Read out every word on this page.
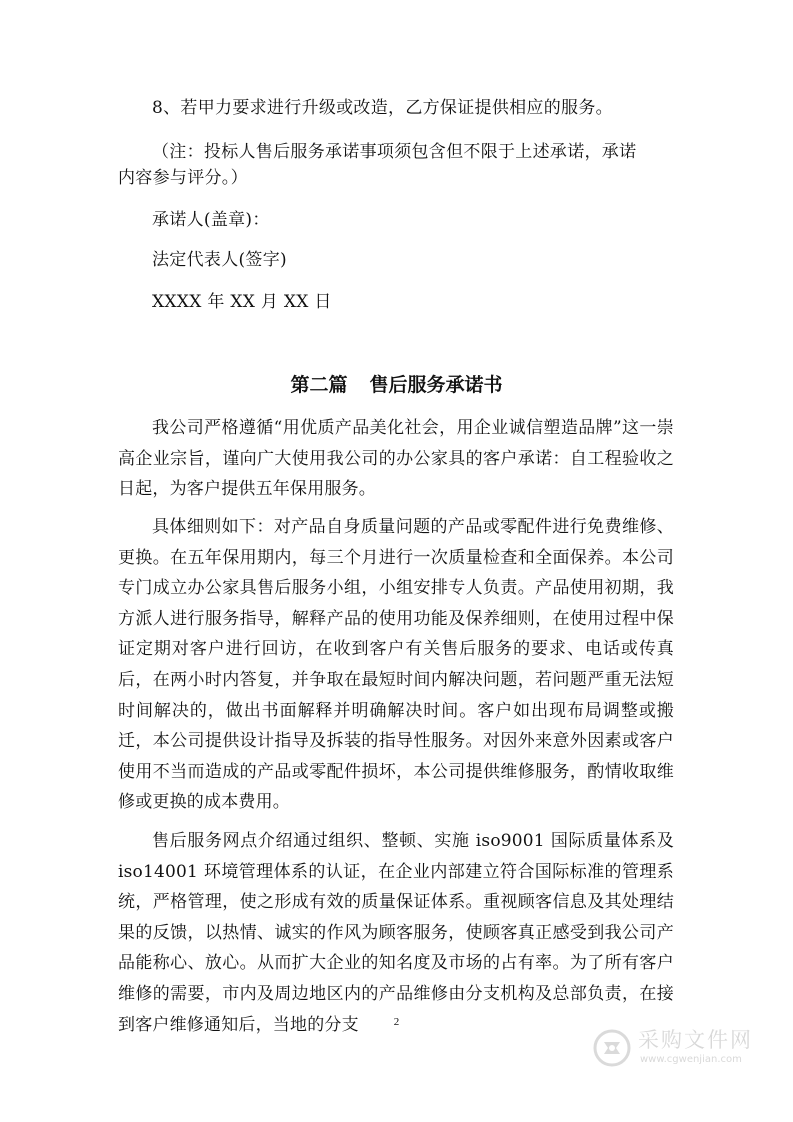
8、若甲力要求进行升级或改造，乙方保证提供相应的服务。
（注：投标人售后服务承诺事项须包含但不限于上述承诺，承诺
内容参与评分。）
承诺人(盖章)：
法定代表人(签字)
XXXX 年 XX 月 XX 日
第二篇 售后服务承诺书
我公司严格遵循“用优质产品美化社会，用企业诚信塑造品牌”这一崇高企业宗旨，谨向广大使用我公司的办公家具的客户承诺：自工程验收之日起，为客户提供五年保用服务。
具体细则如下：对产品自身质量问题的产品或零配件进行免费维修、更换。在五年保用期内，每三个月进行一次质量检查和全面保养。本公司专门成立办公家具售后服务小组，小组安排专人负责。产品使用初期，我方派人进行服务指导，解释产品的使用功能及保养细则，在使用过程中保证定期对客户进行回访，在收到客户有关售后服务的要求、电话或传真后，在两小时内答复，并争取在最短时间内解决问题，若问题严重无法短时间解决的，做出书面解释并明确解决时间。客户如出现布局调整或搬迁，本公司提供设计指导及拆装的指导性服务。对因外来意外因素或客户使用不当而造成的产品或零配件损坏，本公司提供维修服务，酌情收取维修或更换的成本费用。
售后服务网点介绍通过组织、整顿、实施 iso9001 国际质量体系及 iso14001 环境管理体系的认证，在企业内部建立符合国际标准的管理系统，严格管理，使之形成有效的质量保证体系。重视顾客信息及其处理结果的反馈，以热情、诚实的作风为顾客服务，使顾客真正感受到我公司产品能称心、放心。从而扩大企业的知名度及市场的占有率。为了所有客户维修的需要，市内及周边地区内的产品维修由分支机构及总部负责，在接到客户维修通知后，当地的分支	2
采购文件网
www.cgwenjian.com
